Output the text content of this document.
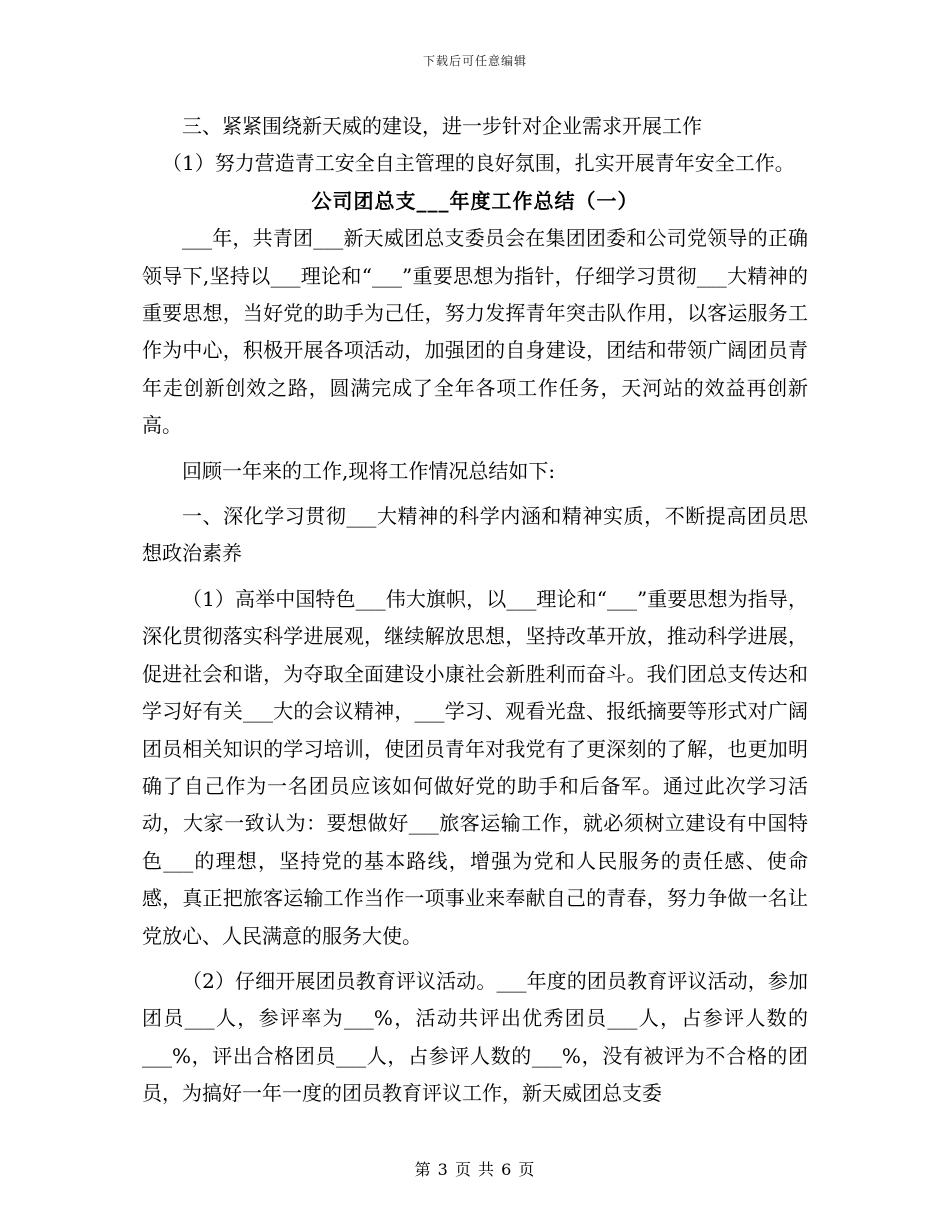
下载后可任意编辑

三、紧紧围绕新天威的建设，进一步针对企业需求开展工作

（1）努力营造青工安全自主管理的良好氛围，扎实开展青年安全工作。

公司团总支___年度工作总结（一）

___年，共青团___新天威团总支委员会在集团团委和公司党领导的正确领导下,坚持以___理论和“___”重要思想为指针，仔细学习贯彻___大精神的重要思想，当好党的助手为己任，努力发挥青年突击队作用，以客运服务工作为中心，积极开展各项活动，加强团的自身建设，团结和带领广阔团员青年走创新创效之路，圆满完成了全年各项工作任务，天河站的效益再创新高。

回顾一年来的工作,现将工作情况总结如下:

一、深化学习贯彻___大精神的科学内涵和精神实质，不断提高团员思想政治素养

（1）高举中国特色___伟大旗帜，以___理论和“___”重要思想为指导，深化贯彻落实科学进展观，继续解放思想，坚持改革开放，推动科学进展，促进社会和谐，为夺取全面建设小康社会新胜利而奋斗。我们团总支传达和学习好有关___大的会议精神，___学习、观看光盘、报纸摘要等形式对广阔团员相关知识的学习培训，使团员青年对我党有了更深刻的了解，也更加明确了自己作为一名团员应该如何做好党的助手和后备军。通过此次学习活动，大家一致认为：要想做好___旅客运输工作，就必须树立建设有中国特色___的理想，坚持党的基本路线，增强为党和人民服务的责任感、使命感，真正把旅客运输工作当作一项事业来奉献自己的青春，努力争做一名让党放心、人民满意的服务大使。

（2）仔细开展团员教育评议活动。___年度的团员教育评议活动，参加团员___人，参评率为___%，活动共评出优秀团员___人，占参评人数的___%，评出合格团员___人，占参评人数的___%，没有被评为不合格的团员，为搞好一年一度的团员教育评议工作，新天威团总支委

第 3 页 共 6 页
